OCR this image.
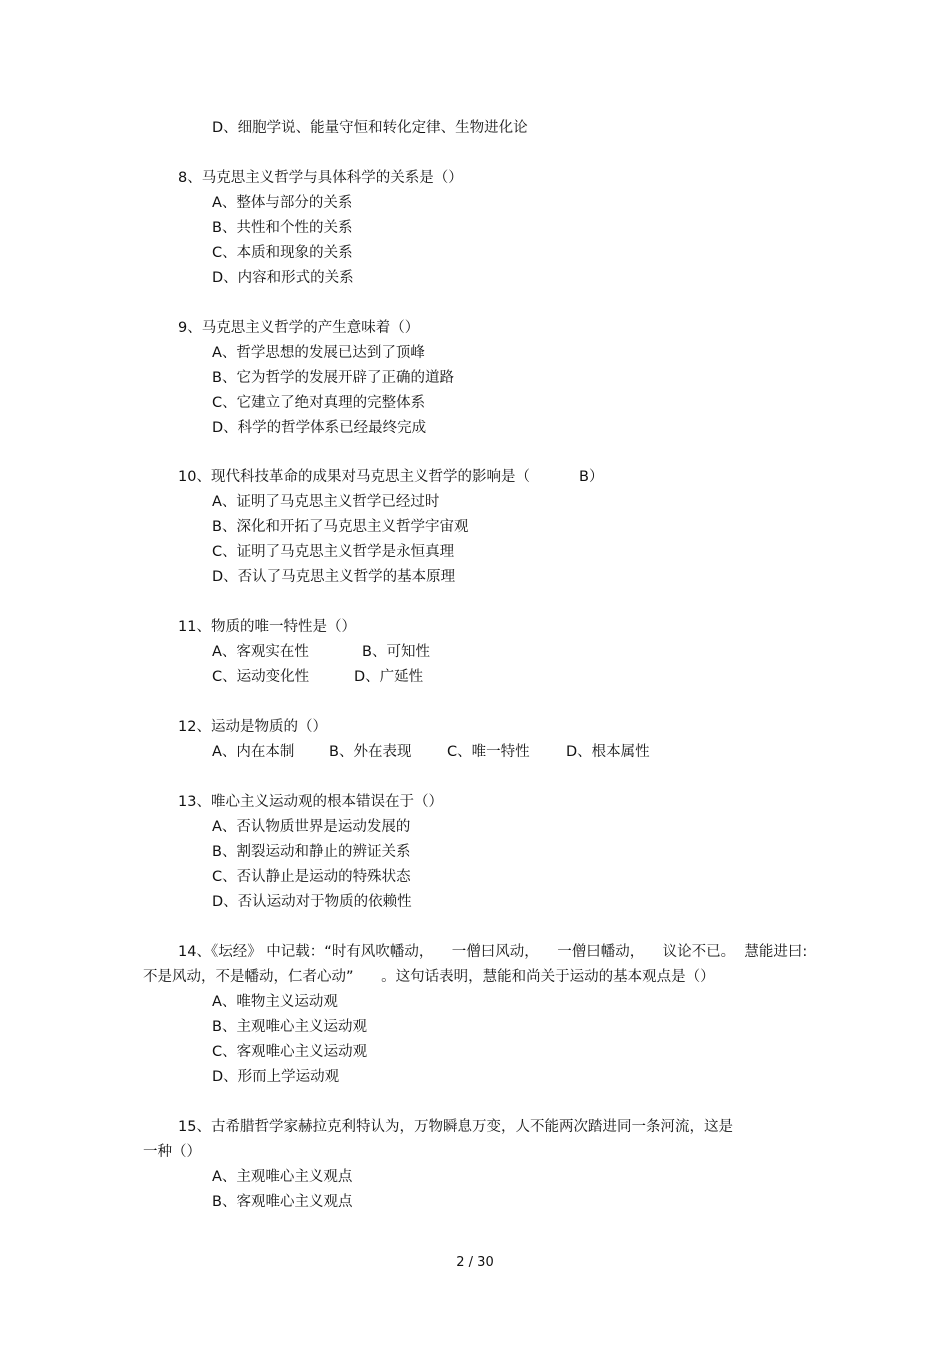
D、细胞学说、能量守恒和转化定律、生物进化论
8、马克思主义哲学与具体科学的关系是（）
A、整体与部分的关系
B、共性和个性的关系
C、本质和现象的关系
D、内容和形式的关系
9、马克思主义哲学的产生意味着（）
A、哲学思想的发展已达到了顶峰
B、它为哲学的发展开辟了正确的道路
C、它建立了绝对真理的完整体系
D、科学的哲学体系已经最终完成
10、现代科技革命的成果对马克思主义哲学的影响是（	B）
A、证明了马克思主义哲学已经过时
B、深化和开拓了马克思主义哲学宇宙观
C、证明了马克思主义哲学是永恒真理
D、否认了马克思主义哲学的基本原理
11、物质的唯一特性是（）
A、客观实在性	B、可知性
C、运动变化性	D、广延性
12、运动是物质的（）
A、内在本制 B、外在表现 C、唯一特性	D、根本属性
13、唯心主义运动观的根本错误在于（）
A、否认物质世界是运动发展的
B、割裂运动和静止的辨证关系
C、否认静止是运动的特殊状态
D、否认运动对于物质的依赖性
14、《坛经》 中记载：“时有风吹幡动，    一僧曰风动，    一僧曰幡动，    议论不已。  慧能进曰:
不是风动，不是幡动，仁者心动”      。这句话表明，慧能和尚关于运动的基本观点是（）
A、唯物主义运动观
B、主观唯心主义运动观
C、客观唯心主义运动观
D、形而上学运动观
15、古希腊哲学家赫拉克利特认为，万物瞬息万变，人不能两次踏进同一条河流，这是
一种（）
A、主观唯心主义观点
B、客观唯心主义观点
2 / 30
